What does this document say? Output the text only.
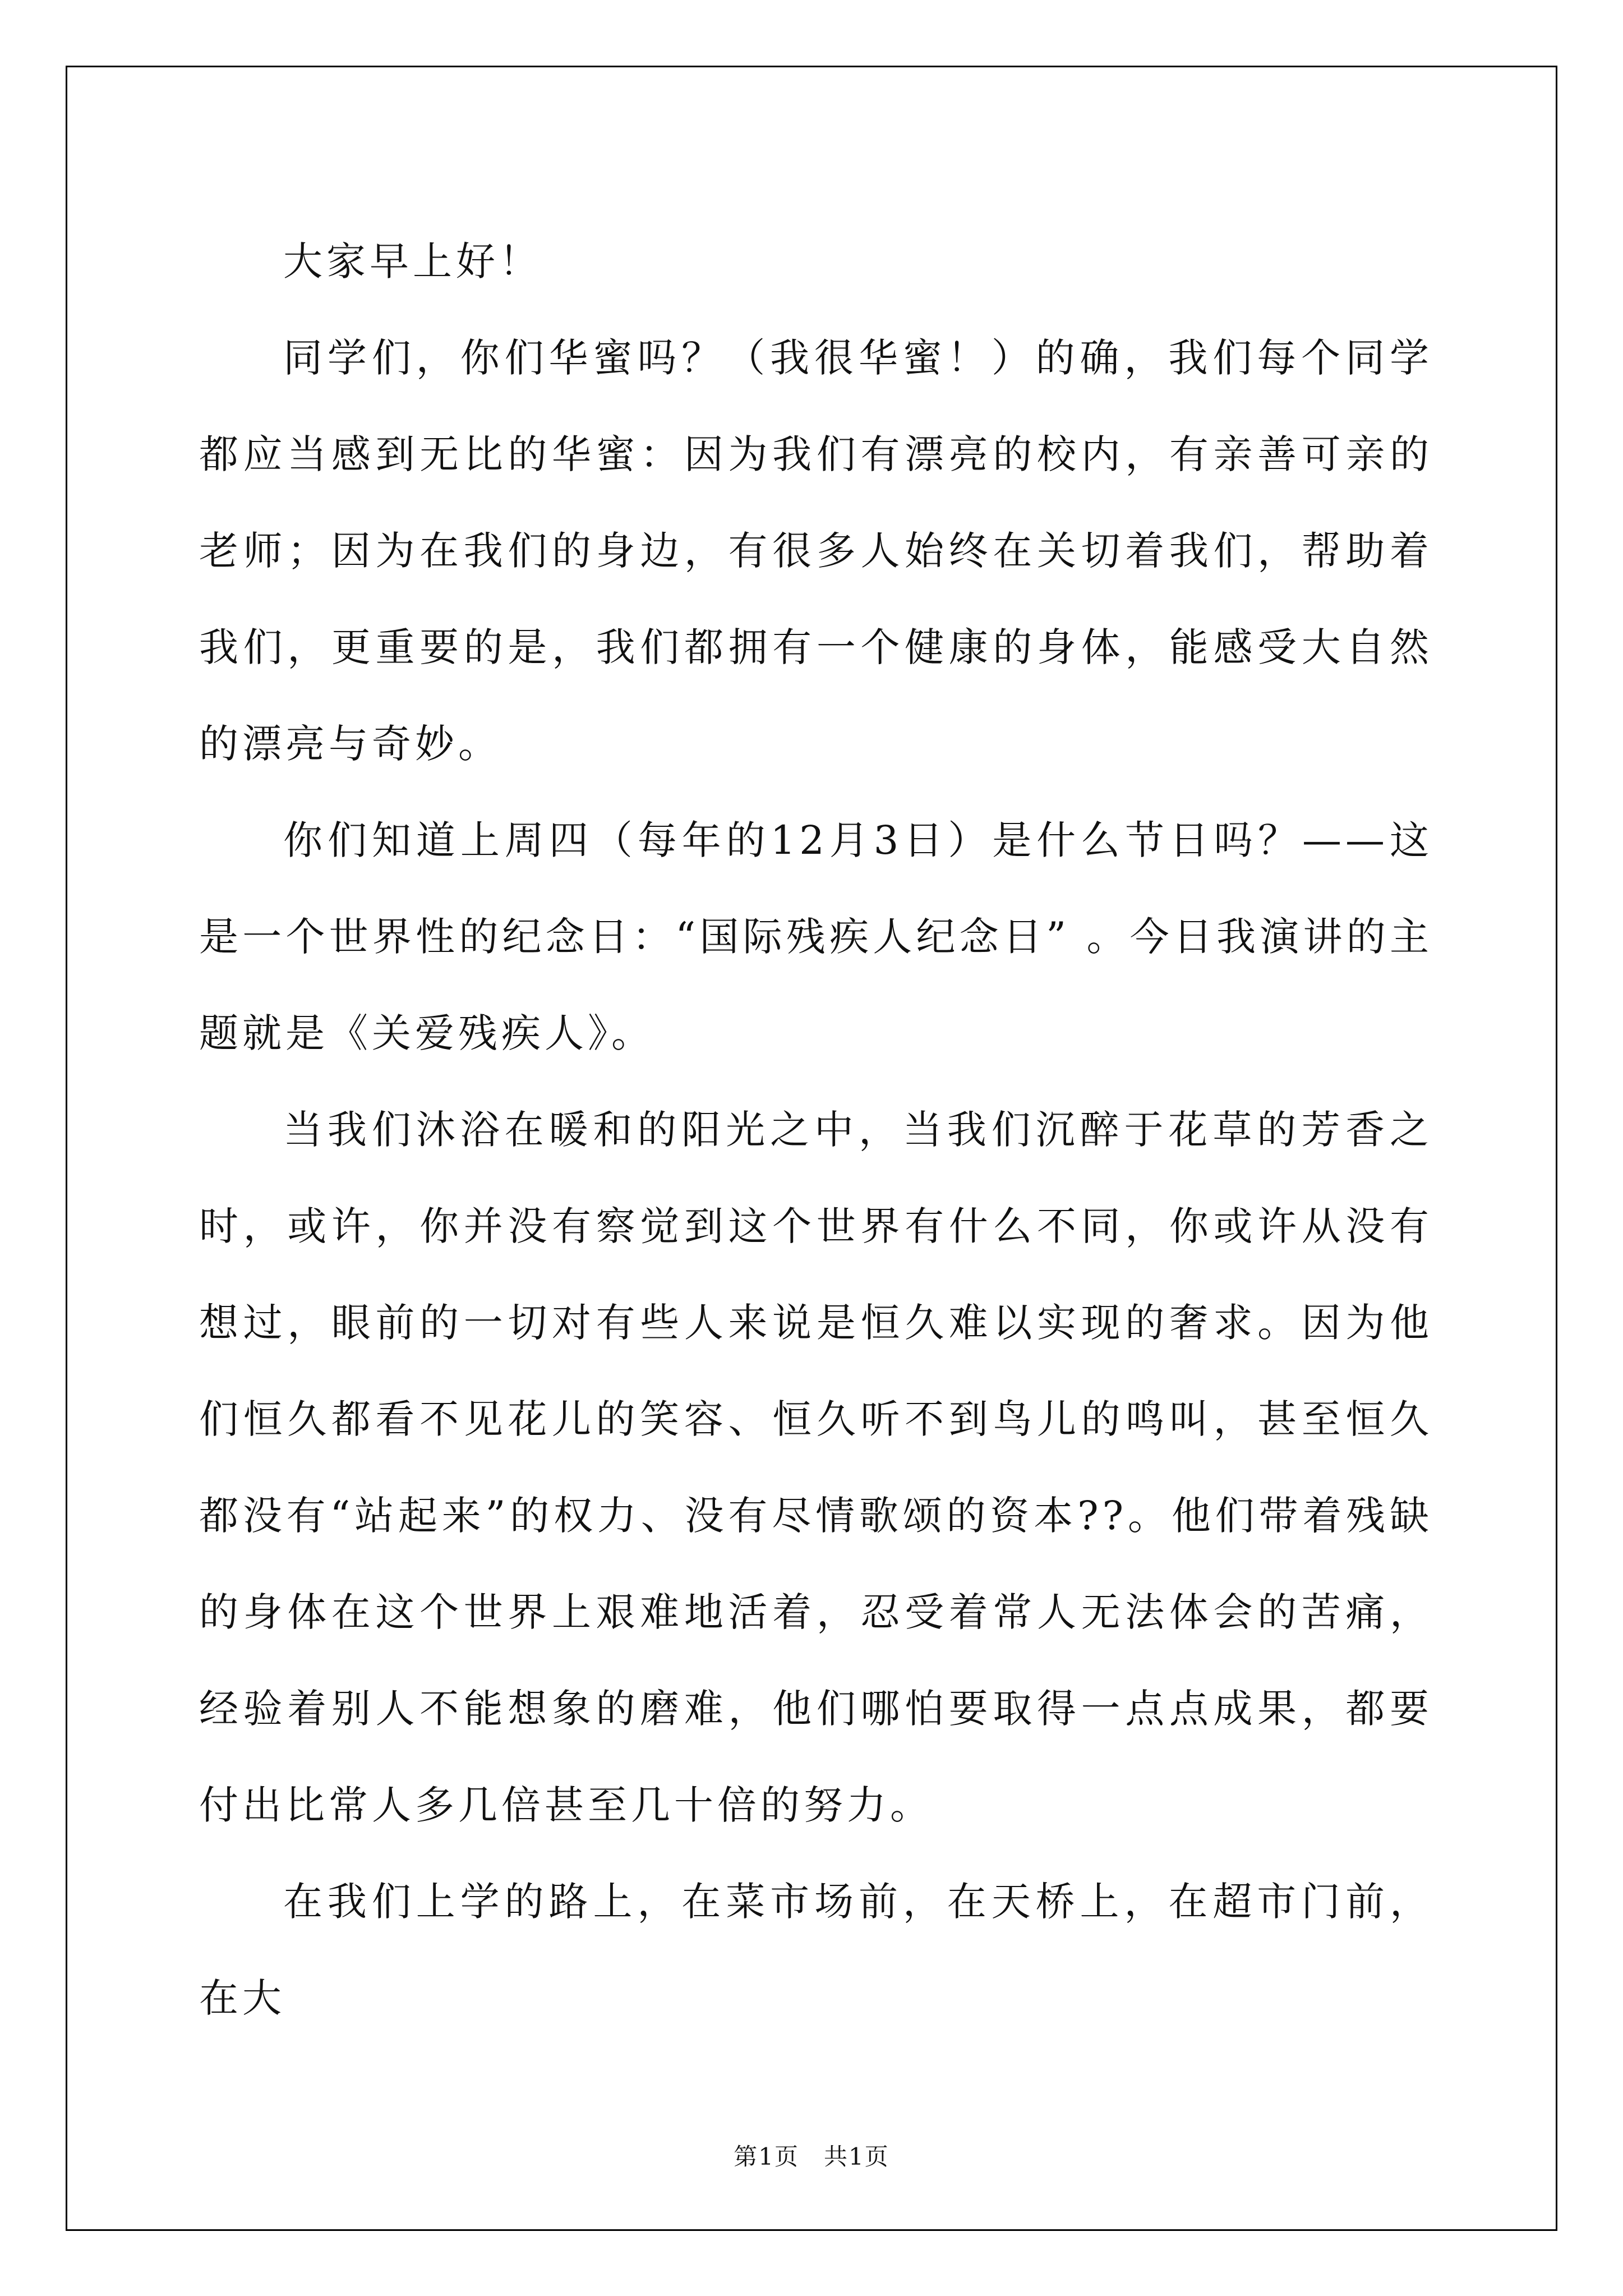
大家早上好！

同学们，你们华蜜吗？（我很华蜜！）的确，我们每个同学都应当感到无比的华蜜：因为我们有漂亮的校内，有亲善可亲的老师；因为在我们的身边，有很多人始终在关切着我们，帮助着我们，更重要的是，我们都拥有一个健康的身体，能感受大自然的漂亮与奇妙。

你们知道上周四（每年的12月3日）是什么节日吗？——这是一个世界性的纪念日：“国际残疾人纪念日” 。今日我演讲的主题就是《关爱残疾人》。

当我们沐浴在暖和的阳光之中，当我们沉醉于花草的芳香之时，或许，你并没有察觉到这个世界有什么不同，你或许从没有想过，眼前的一切对有些人来说是恒久难以实现的奢求。因为他们恒久都看不见花儿的笑容、恒久听不到鸟儿的鸣叫，甚至恒久都没有“站起来”的权力、没有尽情歌颂的资本??。他们带着残缺的身体在这个世界上艰难地活着，忍受着常人无法体会的苦痛，经验着别人不能想象的磨难，他们哪怕要取得一点点成果，都要付出比常人多几倍甚至几十倍的努力。

在我们上学的路上，在菜市场前，在天桥上，在超市门前，在大

第1页　共1页
